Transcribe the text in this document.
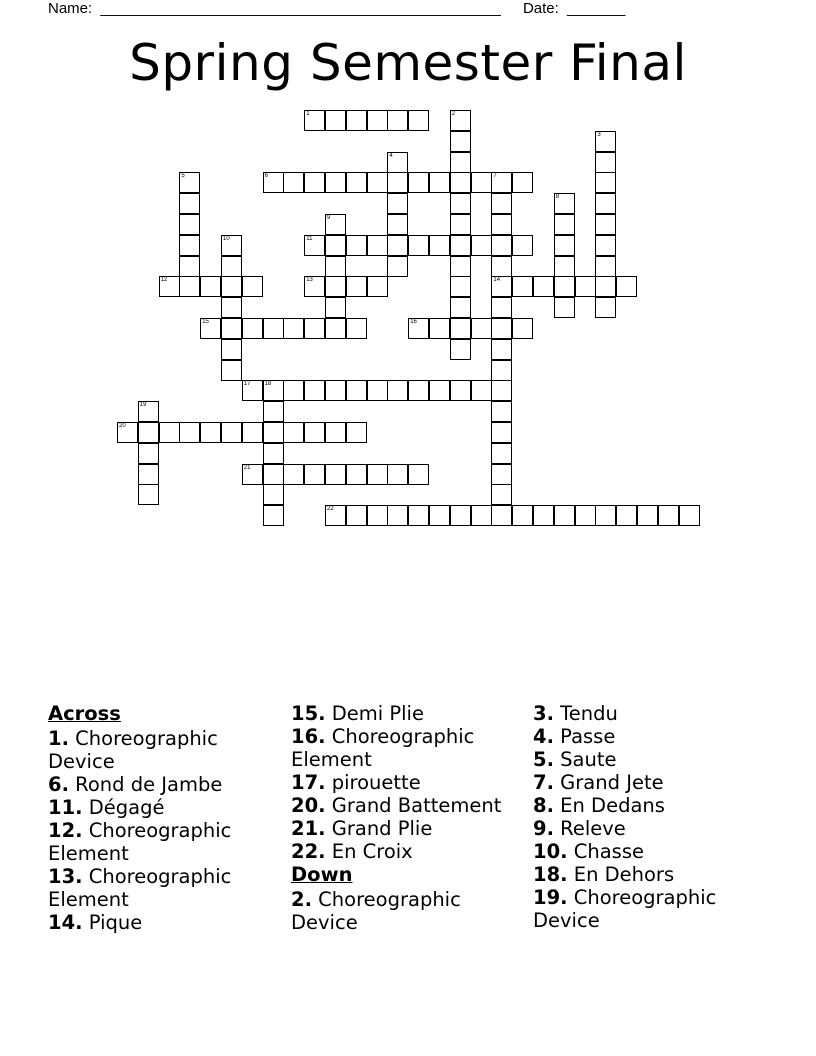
Name: ________________________________________________ Date: _______
Spring Semester Final
1	2
3
4
5	6	7
14
8
9
10	11
12	13
15	16
17 18
19
20
21
22
Across
1. Choreographic Device
6. Rond de Jambe
11. Dégagé
12. Choreographic Element
13. Choreographic Element
14. Pique
15. Demi Plie
16. Choreographic Element
17. pirouette
20. Grand Battement
21. Grand Plie
22. En Croix
Down
2. Choreographic Device
3. Tendu
4. Passe
5. Saute
7. Grand Jete
8. En Dedans
9. Releve
10. Chasse
18. En Dehors
19. Choreographic Device
